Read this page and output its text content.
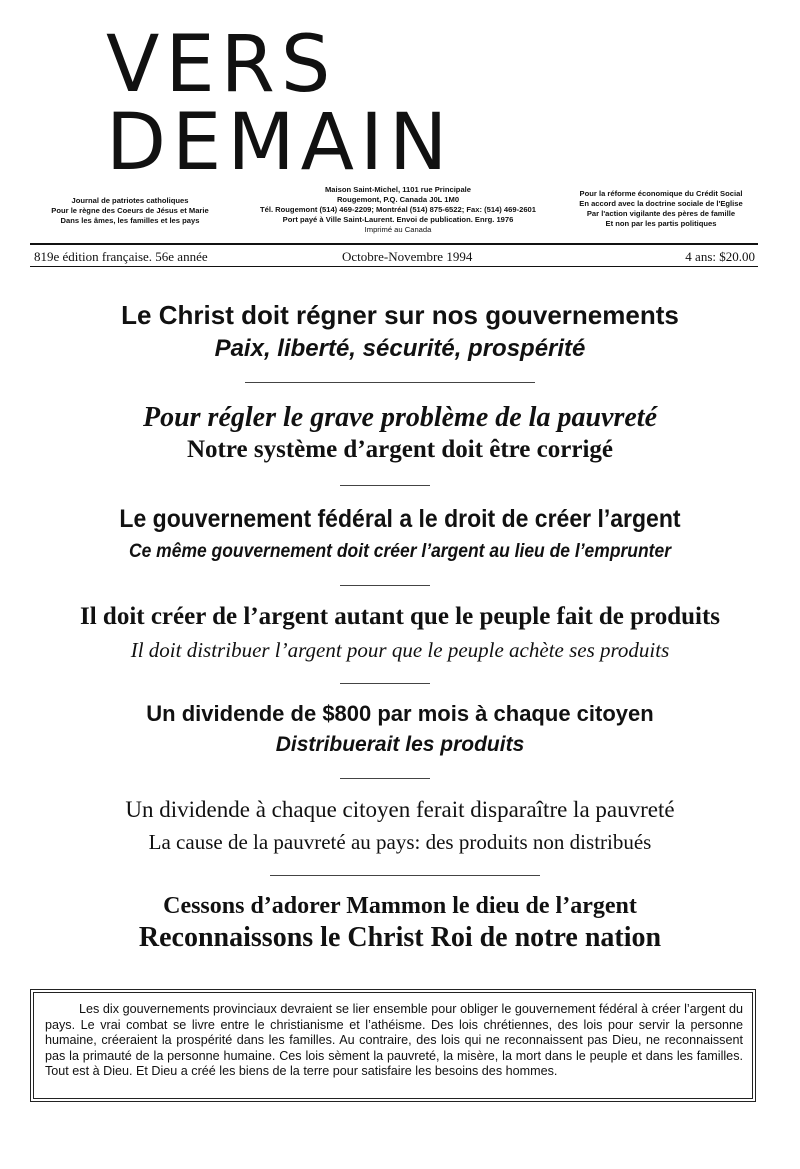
VERS DEMAIN
Journal de patriotes catholiques
Pour le règne des Coeurs de Jésus et Marie
Dans les âmes, les familles et les pays
Maison Saint-Michel, 1101 rue Principale
Rougemont, P.Q. Canada J0L 1M0
Tél. Rougemont (514) 469-2209; Montréal (514) 875-6522; Fax: (514) 469-2601
Port payé à Ville Saint-Laurent. Envoi de publication. Enrg. 1976
Imprimé au Canada
Pour la réforme économique du Crédit Social
En accord avec la doctrine sociale de l'Eglise
Par l'action vigilante des pères de famille
Et non par les partis politiques
819e édition française. 56e année	Octobre-Novembre 1994	4 ans: $20.00
Le Christ doit régner sur nos gouvernements
Paix, liberté, sécurité, prospérité
Pour régler le grave problème de la pauvreté
Notre système d’argent doit être corrigé
Le gouvernement fédéral a le droit de créer l’argent
Ce même gouvernement doit créer l’argent au lieu de l’emprunter
Il doit créer de l’argent autant que le peuple fait de produits
Il doit distribuer l’argent pour que le peuple achète ses produits
Un dividende de $800 par mois à chaque citoyen
Distribuerait les produits
Un dividende à chaque citoyen ferait disparaître la pauvreté
La cause de la pauvreté au pays: des produits non distribués
Cessons d’adorer Mammon le dieu de l’argent
Reconnaissons le Christ Roi de notre nation
Les dix gouvernements provinciaux devraient se lier ensemble pour obliger le gouvernement fédéral à créer l’argent du pays. Le vrai combat se livre entre le christianisme et l’athéisme. Des lois chrétiennes, des lois pour servir la personne humaine, créeraient la prospérité dans les familles. Au contraire, des lois qui ne reconnaissent pas Dieu, ne reconnaissent pas la primauté de la personne humaine. Ces lois sèment la pauvreté, la misère, la mort dans le peuple et dans les familles. Tout est à Dieu. Et Dieu a créé les biens de la terre pour satisfaire les besoins des hommes.
